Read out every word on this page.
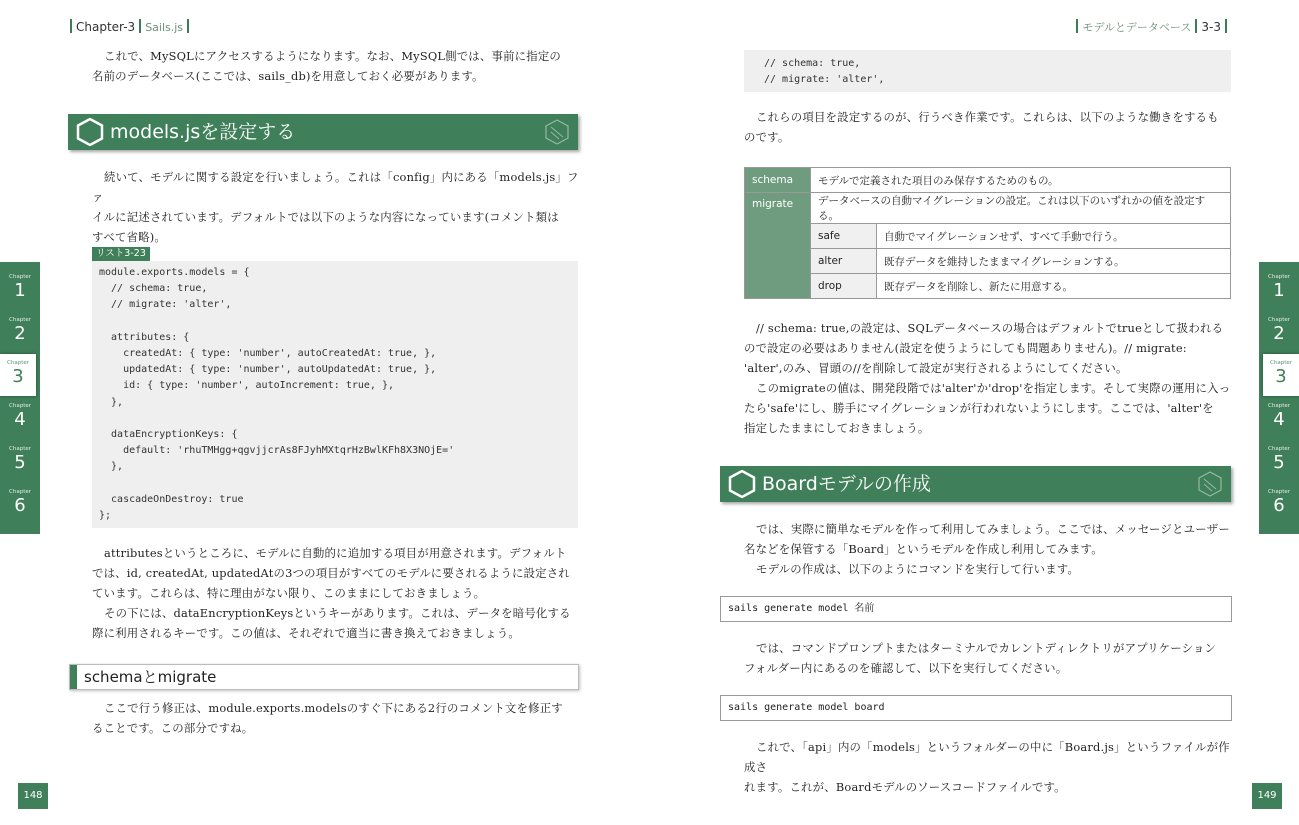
Chapter-3 Sails.js	モデルとデータベース 3-3

これで、MySQLにアクセスするようになります。なお、MySQL側では、事前に指定の

名前のデータベース(ここでは、sails_db)を用意しておく必要があります。

models.jsを設定する

続いて、モデルに関する設定を行いましょう。これは「config」内にある「models.js」ファ

イルに記述されています。デフォルトでは以下のような内容になっています(コメント類は

すべて省略)。

リスト3-23
module.exports.models = {
// schema: true,
// migrate: 'alter',
attributes: {
createdAt: { type: 'number', autoCreatedAt: true, },
updatedAt: { type: 'number', autoUpdatedAt: true, },
id: { type: 'number', autoIncrement: true, },
},
dataEncryptionKeys: {
default: 'rhuTMHgg+qgvjjcrAs8FJyhMXtqrHzBwlKFh8X3NOjE='
},
cascadeOnDestroy: true
};

attributesというところに、モデルに自動的に追加する項目が用意されます。デフォルト

では、id, createdAt, updatedAtの3つの項目がすべてのモデルに要されるように設定され

ています。これらは、特に理由がない限り、このままにしておきましょう。

その下には、dataEncryptionKeysというキーがあります。これは、データを暗号化する

際に利用されるキーです。この値は、それぞれで適当に書き換えておきましょう。

schemaとmigrate

ここで行う修正は、module.exports.modelsのすぐ下にある2行のコメント文を修正す

ることです。この部分ですね。

148
// schema: true,
// migrate: 'alter',

これらの項目を設定するのが、行うべき作業です。これらは、以下のような働きをするも

のです。

schema	モデルで定義された項目のみ保存するためのもの。	
migrate	データベースの自動マイグレーションの設定。これは以下のいずれかの値を設定する。	
	safe	自動でマイグレーションせず、すべて手動で行う。
	alter	既存データを維持したままマイグレーションする。
	drop	既存データを削除し、新たに用意する。

// schema: true,の設定は、SQLデータベースの場合はデフォルトでtrueとして扱われる

ので設定の必要はありません(設定を使うようにしても問題ありません)。// migrate:

'alter',のみ、冒頭の//を削除して設定が実行されるようにしてください。

このmigrateの値は、開発段階では'alter'か'drop'を指定します。そして実際の運用に入っ

たら'safe'にし、勝手にマイグレーションが行われないようにします。ここでは、'alter'を

指定したままにしておきましょう。

Boardモデルの作成

では、実際に簡単なモデルを作って利用してみましょう。ここでは、メッセージとユーザー

名などを保管する「Board」というモデルを作成し利用してみます。

モデルの作成は、以下のようにコマンドを実行して行います。

sails generate model 名前

では、コマンドプロンプトまたはターミナルでカレントディレクトリがアプリケーション

フォルダー内にあるのを確認して、以下を実行してください。

sails generate model board

これで、「api」内の「models」というフォルダーの中に「Board.js」というファイルが作成さ

れます。これが、Boardモデルのソースコードファイルです。

149
Chapter
1
Chapter
2
Chapter
3
Chapter
4
Chapter
5
Chapter
6
Chapter
1
Chapter
2
Chapter
3
Chapter
4
Chapter
5
Chapter
6
